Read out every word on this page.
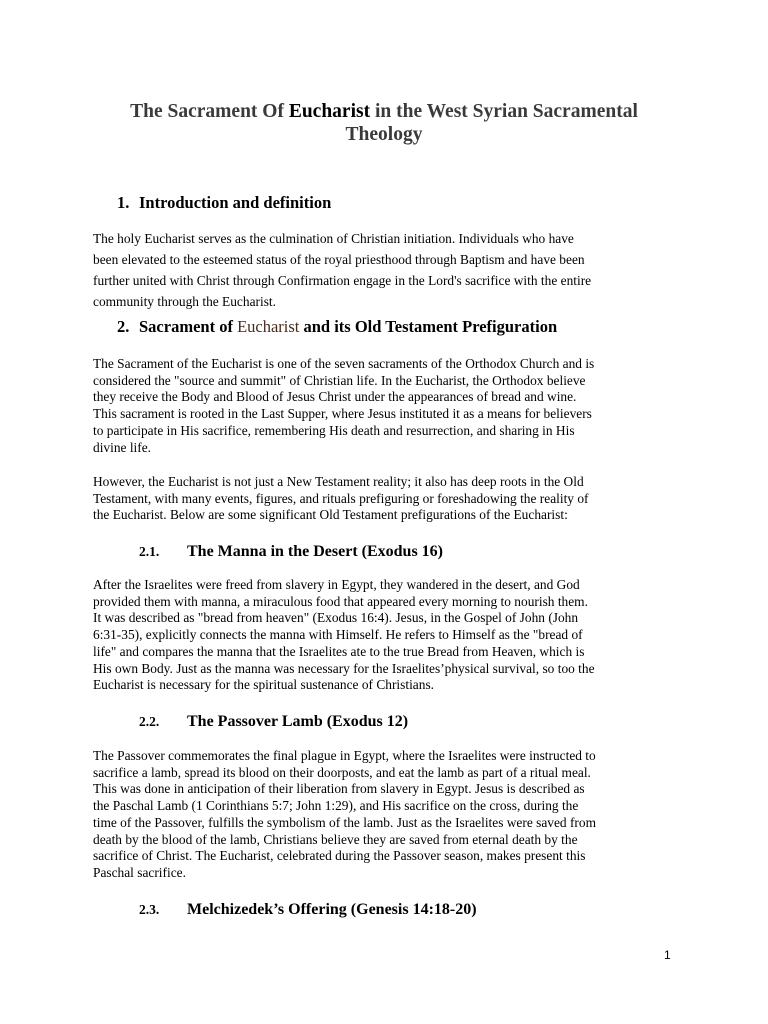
The Sacrament Of Eucharist in the West Syrian Sacramental
Theology
1. Introduction and definition
The holy Eucharist serves as the culmination of Christian initiation. Individuals who have
been elevated to the esteemed status of the royal priesthood through Baptism and have been
further united with Christ through Confirmation engage in the Lord's sacrifice with the entire
community through the Eucharist.
2. Sacrament of Eucharist and its Old Testament Prefiguration
The Sacrament of the Eucharist is one of the seven sacraments of the Orthodox Church and is
considered the "source and summit" of Christian life. In the Eucharist, the Orthodox believe
they receive the Body and Blood of Jesus Christ under the appearances of bread and wine.
This sacrament is rooted in the Last Supper, where Jesus instituted it as a means for believers
to participate in His sacrifice, remembering His death and resurrection, and sharing in His
divine life.
However, the Eucharist is not just a New Testament reality; it also has deep roots in the Old
Testament, with many events, figures, and rituals prefiguring or foreshadowing the reality of
the Eucharist. Below are some significant Old Testament prefigurations of the Eucharist:
2.1. The Manna in the Desert (Exodus 16)
After the Israelites were freed from slavery in Egypt, they wandered in the desert, and God
provided them with manna, a miraculous food that appeared every morning to nourish them.
It was described as "bread from heaven" (Exodus 16:4). Jesus, in the Gospel of John (John
6:31-35), explicitly connects the manna with Himself. He refers to Himself as the "bread of
life" and compares the manna that the Israelites ate to the true Bread from Heaven, which is
His own Body. Just as the manna was necessary for the Israelites’physical survival, so too the
Eucharist is necessary for the spiritual sustenance of Christians.
2.2. The Passover Lamb (Exodus 12)
The Passover commemorates the final plague in Egypt, where the Israelites were instructed to
sacrifice a lamb, spread its blood on their doorposts, and eat the lamb as part of a ritual meal.
This was done in anticipation of their liberation from slavery in Egypt. Jesus is described as
the Paschal Lamb (1 Corinthians 5:7; John 1:29), and His sacrifice on the cross, during the
time of the Passover, fulfills the symbolism of the lamb. Just as the Israelites were saved from
death by the blood of the lamb, Christians believe they are saved from eternal death by the
sacrifice of Christ. The Eucharist, celebrated during the Passover season, makes present this
Paschal sacrifice.
2.3. Melchizedek’s Offering (Genesis 14:18-20)
1
